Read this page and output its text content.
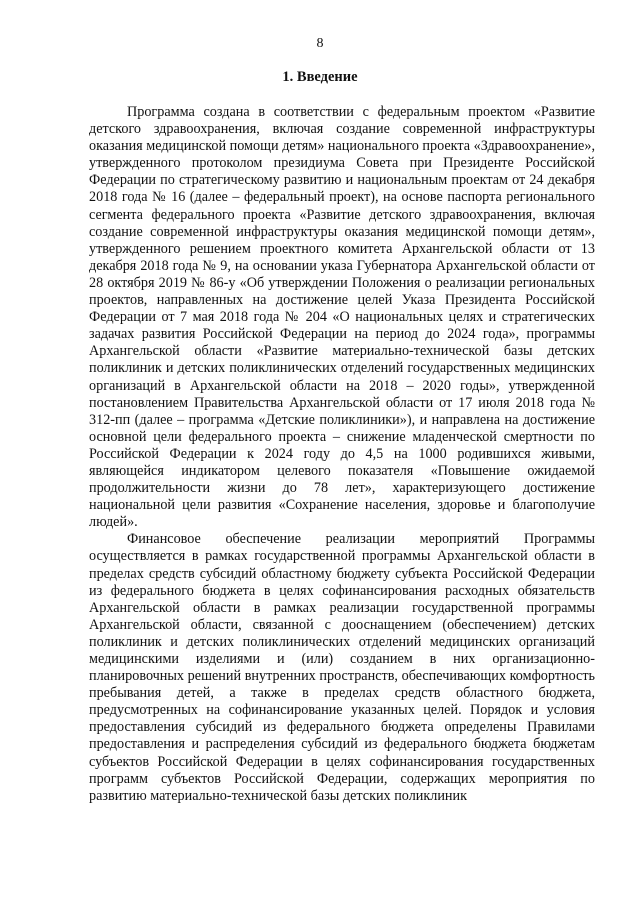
8
1. Введение

Программа создана в соответствии с федеральным проектом «Развитие детского здравоохранения, включая создание современной инфраструктуры оказания медицинской помощи детям» национального проекта «Здравоохранение», утвержденного протоколом президиума Совета при Президенте Российской Федерации по стратегическому развитию и национальным проектам от 24 декабря 2018 года № 16 (далее – федеральный проект), на основе паспорта регионального сегмента федерального проекта «Развитие детского здравоохранения, включая создание современной инфраструктуры оказания медицинской помощи детям», утвержденного решением проектного комитета Архангельской области от 13 декабря 2018 года № 9, на основании указа Губернатора Архангельской области от 28 октября 2019 № 86-у «Об утверждении Положения о реализации региональных проектов, направленных на достижение целей Указа Президента Российской Федерации от 7 мая 2018 года № 204 «О национальных целях и стратегических задачах развития Российской Федерации на период до 2024 года», программы Архангельской области «Развитие материально-технической базы детских поликлиник и детских поликлинических отделений государственных медицинских организаций в Архангельской области на 2018 – 2020 годы», утвержденной постановлением Правительства Архангельской области от 17 июля 2018 года № 312-пп (далее – программа «Детские поликлиники»), и направлена на достижение основной цели федерального проекта – снижение младенческой смертности по Российской Федерации к 2024 году до 4,5 на 1000 родившихся живыми, являющейся индикатором целевого показателя «Повышение ожидаемой продолжительности жизни до 78 лет», характеризующего достижение национальной цели развития «Сохранение населения, здоровье и благополучие людей».

Финансовое обеспечение реализации мероприятий Программы осуществляется в рамках государственной программы Архангельской области в пределах средств субсидий областному бюджету субъекта Российской Федерации из федерального бюджета в целях софинансирования расходных обязательств Архангельской области в рамках реализации государственной программы Архангельской области, связанной с дооснащением (обеспечением) детских поликлиник и детских поликлинических отделений медицинских организаций медицинскими изделиями и (или) созданием в них организационно-планировочных решений внутренних пространств, обеспечивающих комфортность пребывания детей, а также в пределах средств областного бюджета, предусмотренных на софинансирование указанных целей. Порядок и условия предоставления субсидий из федерального бюджета определены Правилами предоставления и распределения субсидий из федерального бюджета бюджетам субъектов Российской Федерации в целях софинансирования государственных программ субъектов Российской Федерации, содержащих мероприятия по развитию материально-технической базы детских поликлиник
